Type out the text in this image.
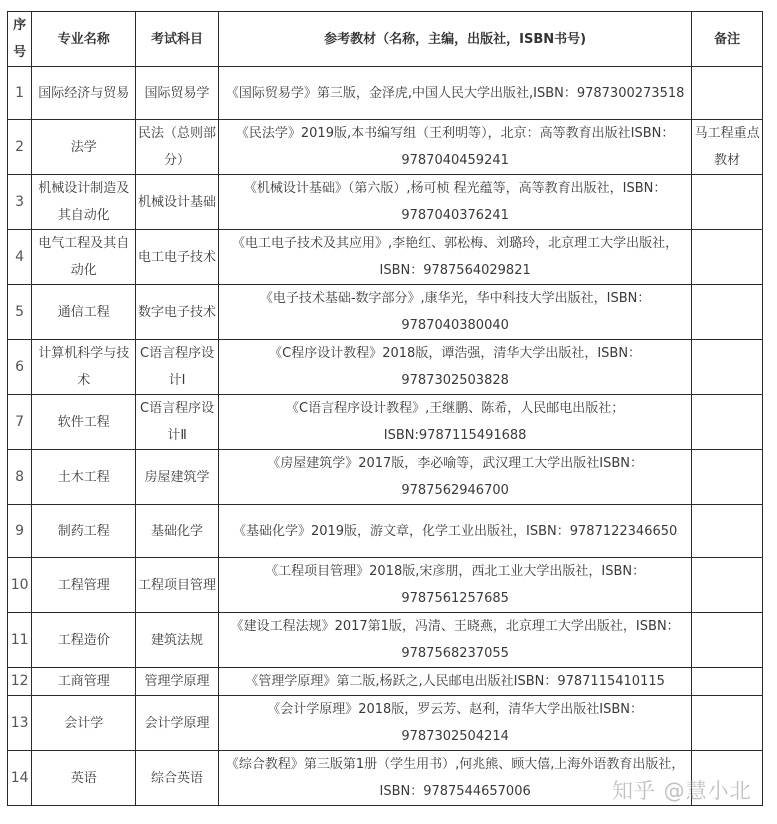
序号	专业名称	考试科目	参考教材（名称，主编，出版社，ISBN书号)	备注
1	国际经济与贸易	国际贸易学	《国际贸易学》第三版，金泽虎,中国人民大学出版社,ISBN：9787300273518	
2	法学	民法（总则部分）	《民法学》2019版,本书编写组（王利明等），北京：高等教育出版社ISBN：9787040459241	马工程重点教材
3	机械设计制造及其自动化	机械设计基础	《机械设计基础》（第六版）,杨可桢 程光蕴等，高等教育出版社，ISBN：9787040376241	
4	电气工程及其自动化	电工电子技术	《电工电子技术及其应用》,李艳红、郭松梅、刘璐玲，北京理工大学出版社，ISBN：9787564029821	
5	通信工程	数字电子技术	《电子技术基础-数字部分》,康华光，华中科技大学出版社，ISBN：9787040380040	
6	计算机科学与技术	C语言程序设计Ⅰ	《C程序设计教程》2018版，谭浩强，清华大学出版社，ISBN：9787302503828	
7	软件工程	C语言程序设计Ⅱ	《C语言程序设计教程》,王继鹏、陈希，人民邮电出版社；ISBN:9787115491688	
8	土木工程	房屋建筑学	《房屋建筑学》2017版，李必喻等，武汉理工大学出版社ISBN：9787562946700	
9	制药工程	基础化学	《基础化学》2019版，游文章，化学工业出版社，ISBN：9787122346650	
10	工程管理	工程项目管理	《工程项目管理》2018版,宋彦朋，西北工业大学出版社，ISBN：9787561257685	
11	工程造价	建筑法规	《建设工程法规》2017第1版，冯清、王晓燕，北京理工大学出版社，ISBN：9787568237055	
12	工商管理	管理学原理	《管理学原理》第二版,杨跃之,人民邮电出版社ISBN：9787115410115	
13	会计学	会计学原理	《会计学原理》2018版，罗云芳、赵利，清华大学出版社ISBN：9787302504214	
14	英语	综合英语	《综合教程》第三版第1册（学生用书）,何兆熊、顾大僖,上海外语教育出版社，ISBN：9787544657006		知乎 @慧小北
